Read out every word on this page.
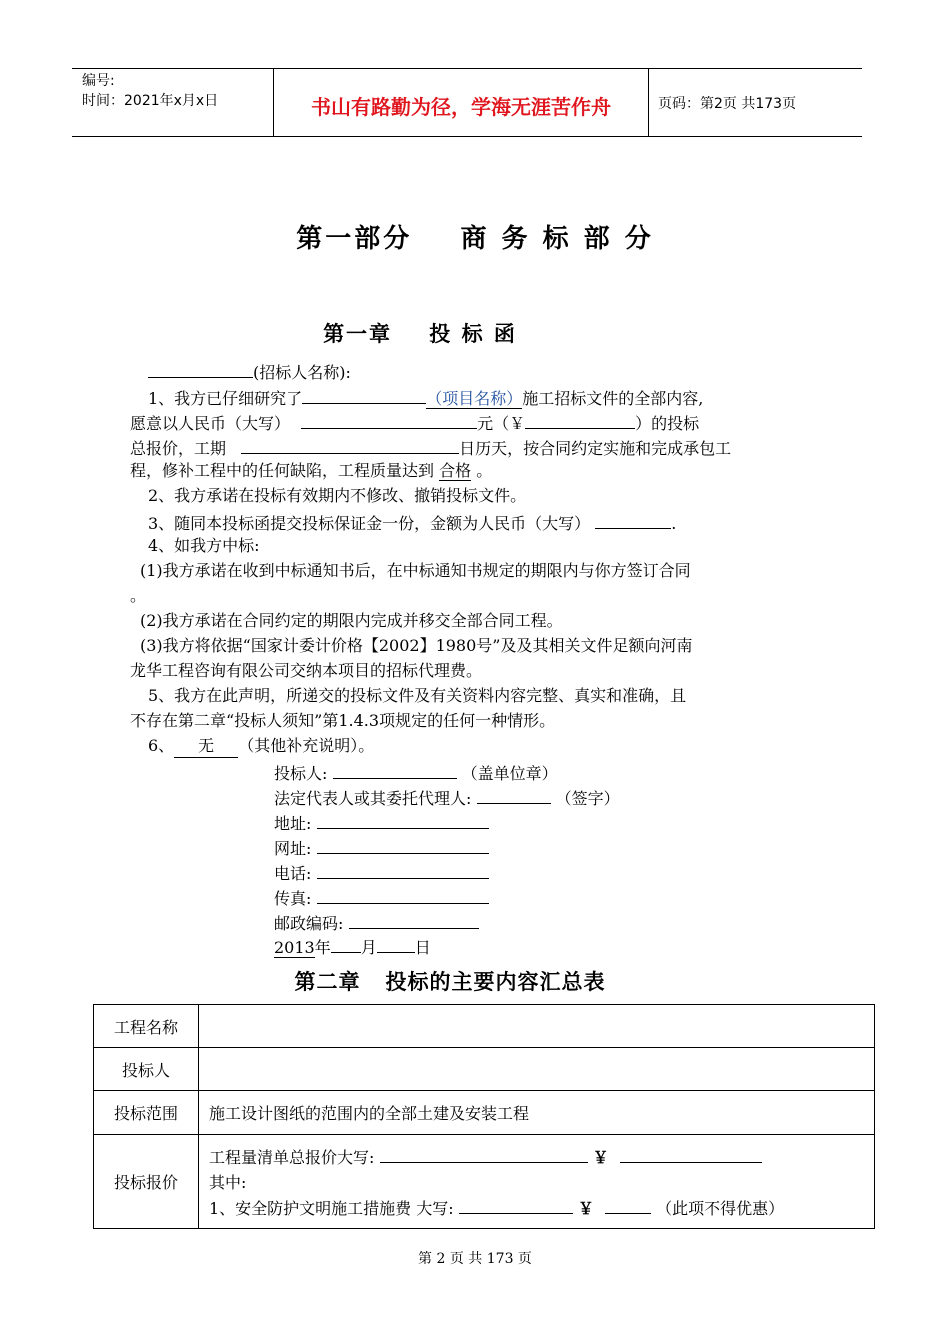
编号:
时间：2021年x月x日	书山有路勤为径，学海无涯苦作舟	页码：第2页 共173页
第一部分    商 务 标 部 分
第一章    投 标 函
(招标人名称):
1、我方已仔细研究了	（项目名称）施工招标文件的全部内容,
愿意以人民币（大写）	元（￥	）的投标
总报价，工期	日历天，按合同约定实施和完成承包工
程，修补工程中的任何缺陷，工程质量达到 合格 。
2、我方承诺在投标有效期内不修改、撤销投标文件。
3、随同本投标函提交投标保证金一份，金额为人民币（大写）	.
4、如我方中标:
(1)我方承诺在收到中标通知书后，在中标通知书规定的期限内与你方签订合同
。
(2)我方承诺在合同约定的期限内完成并移交全部合同工程。
(3)我方将依据“国家计委计价格【2002】1980号”及及其相关文件足额向河南
龙华工程咨询有限公司交纳本项目的招标代理费。
5、我方在此声明，所递交的投标文件及有关资料内容完整、真实和准确，且
不存在第二章“投标人须知”第1.4.3项规定的任何一种情形。
6、 无 （其他补充说明）。
投标人:	（盖单位章）
法定代表人或其委托代理人:	（签字）
地址:
网址:
电话:
传真:
邮政编码:
2013年 月 日
第二章   投标的主要内容汇总表
工程名称	
投标人	
投标范围	施工设计图纸的范围内的全部土建及安装工程
投标报价	工程量清单总报价大写: ￥
其中:
1、安全防护文明施工措施费 大写: ￥ （此项不得优惠）
第 2 页 共 173 页
